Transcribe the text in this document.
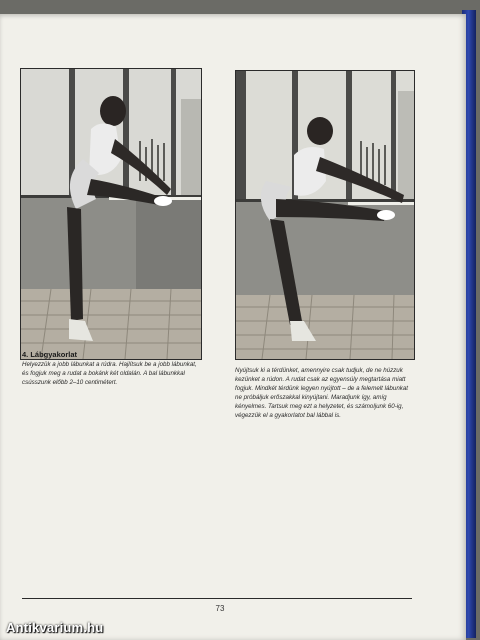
4. Lábgyakorlat
Helyezzük a jobb lábunkat a rúdra. Hajlítsuk be a jobb lábunkat, és fogjuk meg a rudat a bokánk két oldalán. A bal lábunkkal csússzunk előbb 2–10 centimétert.
Nyújtsuk ki a térdünket, amennyire csak tudjuk, de ne húzzuk kezünket a rúdon. A rudat csak az egyensúly megtartása miatt fogjuk. Mindkét térdünk legyen nyújtott – de a felemelt lábunkat ne próbáljuk erőszakkal kinyújtani. Maradjunk így, amíg kényelmes. Tartsuk meg ezt a helyzetet, és számoljunk 60-ig, végezzük el a gyakorlatot bal lábbal is.
73
Antikvarium.hu
